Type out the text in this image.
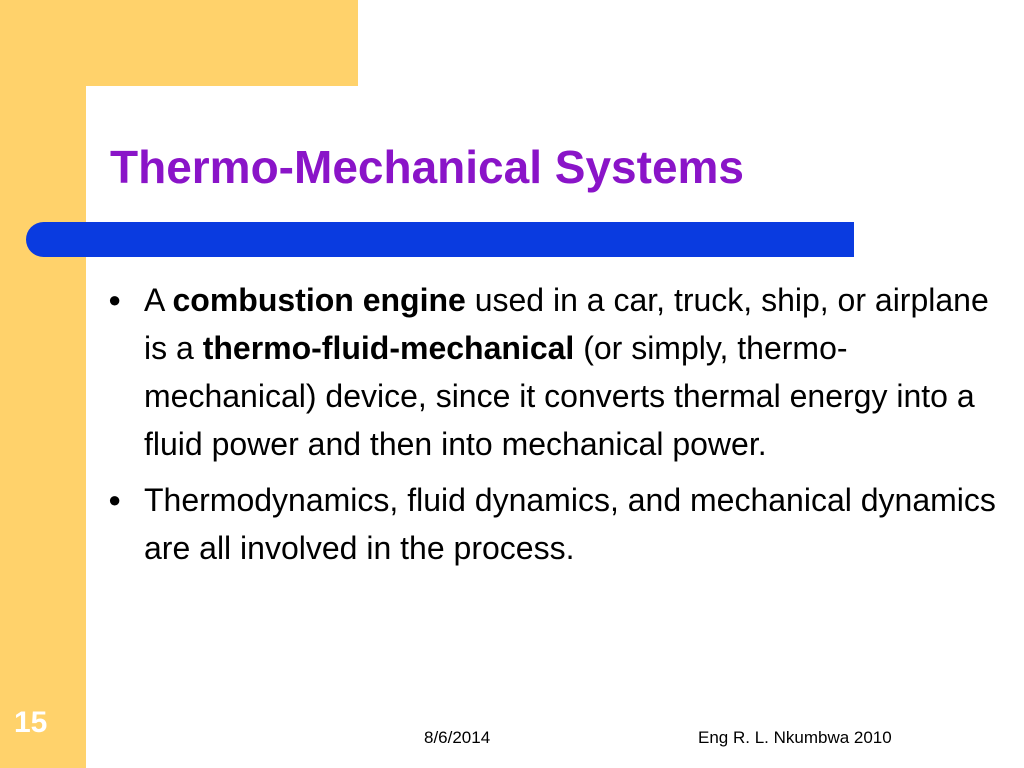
Thermo-Mechanical Systems
● A combustion engine used in a car, truck, ship, or airplane is a thermo-fluid-mechanical (or simply, thermo-mechanical) device, since it converts thermal energy into a fluid power and then into mechanical power.
● Thermodynamics, fluid dynamics, and mechanical dynamics are all involved in the process.
15	8/6/2014	Eng R. L. Nkumbwa 2010
